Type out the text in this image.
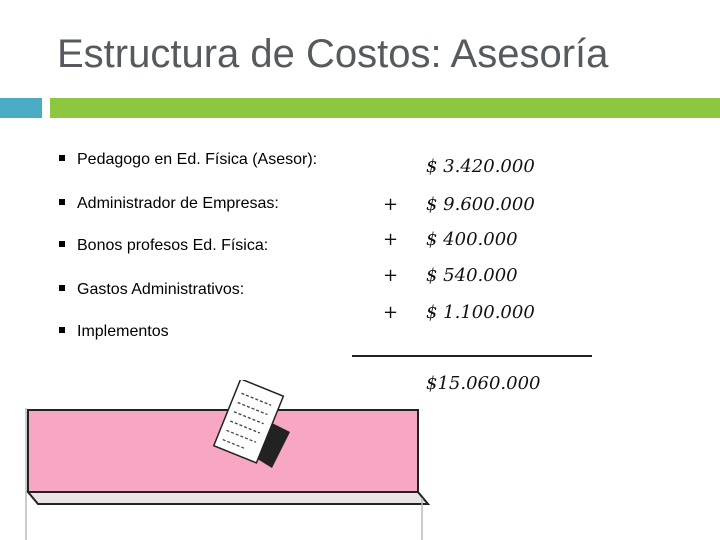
Estructura de Costos: Asesoría
Pedagogo en Ed. Física (Asesor):
Administrador de Empresas:
Bonos profesos Ed. Física:
Gastos Administrativos:
Implementos
$ 3.420.000
+ $ 9.600.000
+ $ 400.000
+ $ 540.000
+ $ 1.100.000
$15.060.000
